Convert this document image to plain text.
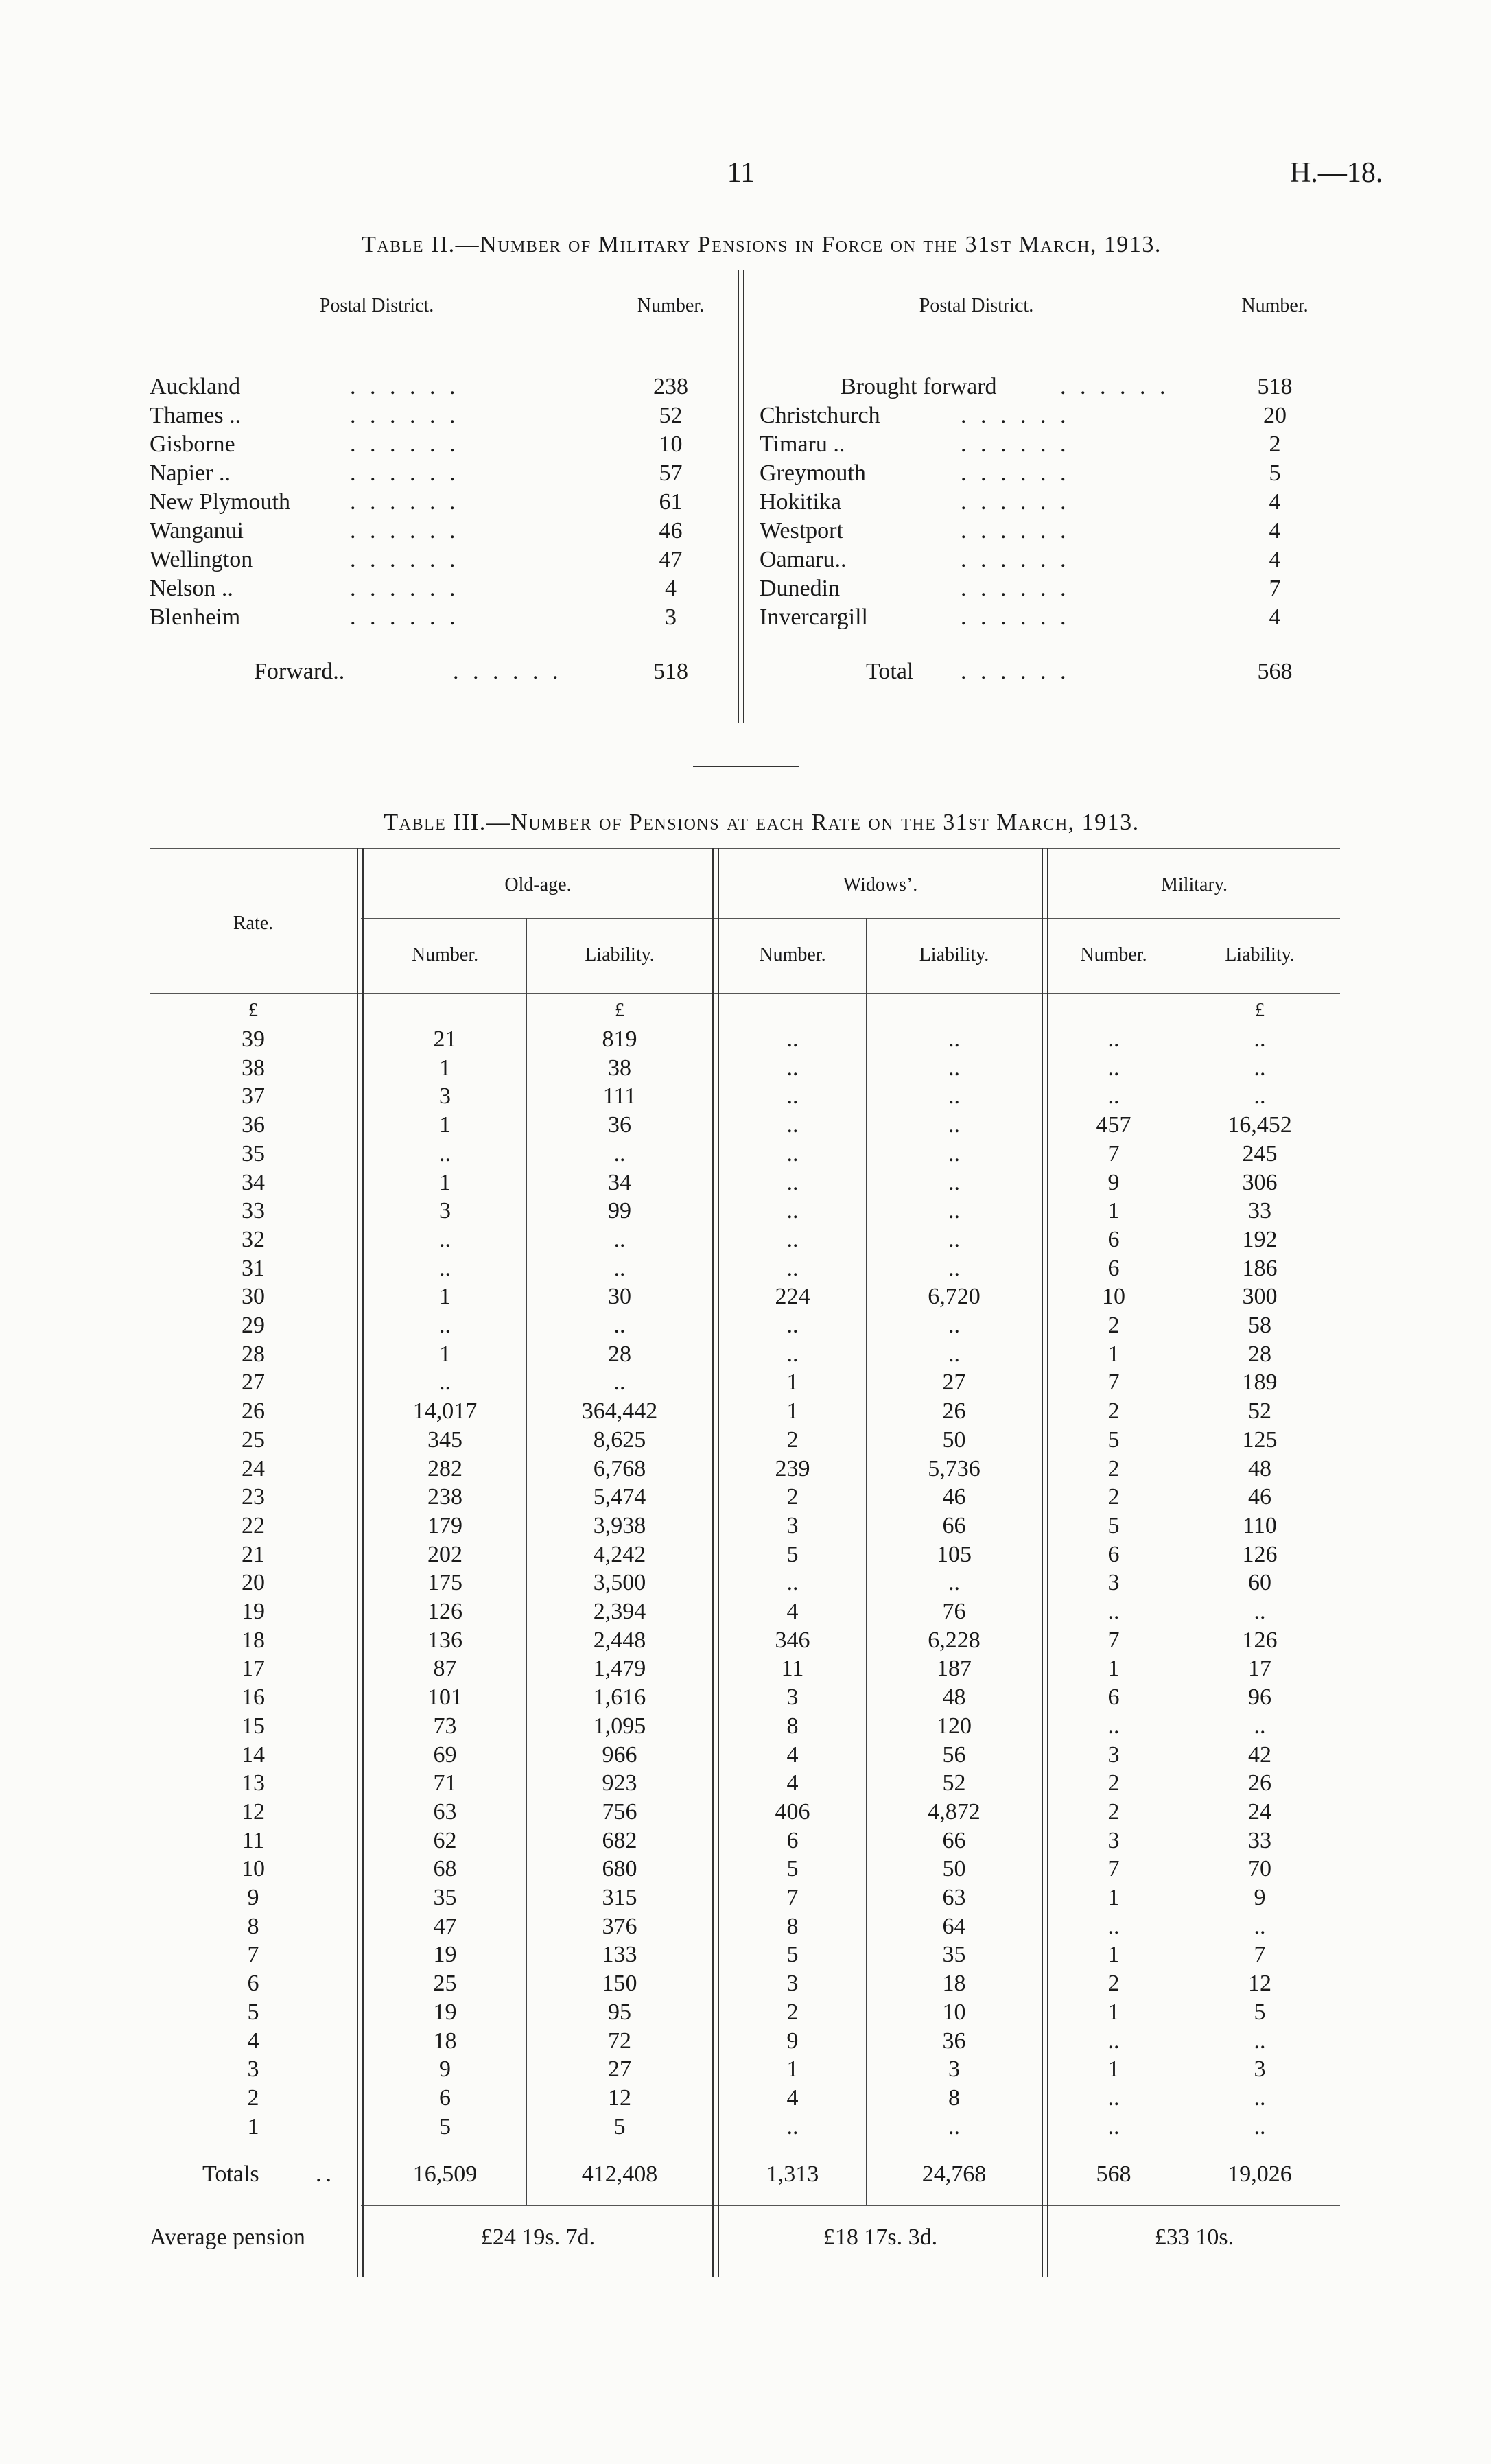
11	H.—18.
Table II.—Number of Military Pensions in Force on the 31st March, 1913.
Postal District.	Number.	Postal District.	Number.
Auckland	. . . . . .	238
Thames ..	. . . . . .	52
Gisborne	. . . . . .	10
Napier ..	. . . . . .	57
New Plymouth	. . . . . .	61
Wanganui	. . . . . .	46
Wellington	. . . . . .	47
Nelson ..	. . . . . .	4
Blenheim	. . . . . .	3
Brought forward	. . . . . .	518
Christchurch	. . . . . .	20
Timaru ..	. . . . . .	2
Greymouth	. . . . . .	5
Hokitika	. . . . . .	4
Westport	. . . . . .	4
Oamaru..	. . . . . .	4
Dunedin	. . . . . .	7
Invercargill	. . . . . .	4
Forward..	. . . . . .	518	Total . . . . . .	568
Table III.—Number of Pensions at each Rate on the 31st March, 1913.
Rate.
Old-age.	Widows’.	Military.
Number.	Liability.	Number.	Liability.	Number.	Liability.
£	£	£
39	21	819	..	..	..	..
38	1	38	..	..	..	..
37	3	111	..	..	..	..
36	1	36	..	..	457	16,452
35	..	..	..	..	7	245
34	1	34	..	..	9	306
33	3	99	..	..	1	33
32	..	..	..	..	6	192
31	..	..	..	..	6	186
30	1	30	224	6,720	10	300
29	..	..	..	..	2	58
28	1	28	..	..	1	28
27	..	..	1	27	7	189
26	14,017	364,442	1	26	2	52
25	345	8,625	2	50	5	125
24	282	6,768	239	5,736	2	48
23	238	5,474	2	46	2	46
22	179	3,938	3	66	5	110
21	202	4,242	5	105	6	126
20	175	3,500	..	..	3	60
19	126	2,394	4	76	..	..
18	136	2,448	346	6,228	7	126
17	87	1,479	11	187	1	17
16	101	1,616	3	48	6	96
15	73	1,095	8	120	..	..
14	69	966	4	56	3	42
13	71	923	4	52	2	26
12	63	756	406	4,872	2	24
11	62	682	6	66	3	33
10	68	680	5	50	7	70
9	35	315	7	63	1	9
8	47	376	8	64	..	..
7	19	133	5	35	1	7
6	25	150	3	18	2	12
5	19	95	2	10	1	5
4	18	72	9	36	..	..
3	9	27	1	3	1	3
2	6	12	4	8	..	..
1	5	5	..	..	..	..
Totals ..	16,509	412,408	1,313	24,768	568	19,026
Average pension	£24 19s. 7d.	£18 17s. 3d.	£33 10s.
